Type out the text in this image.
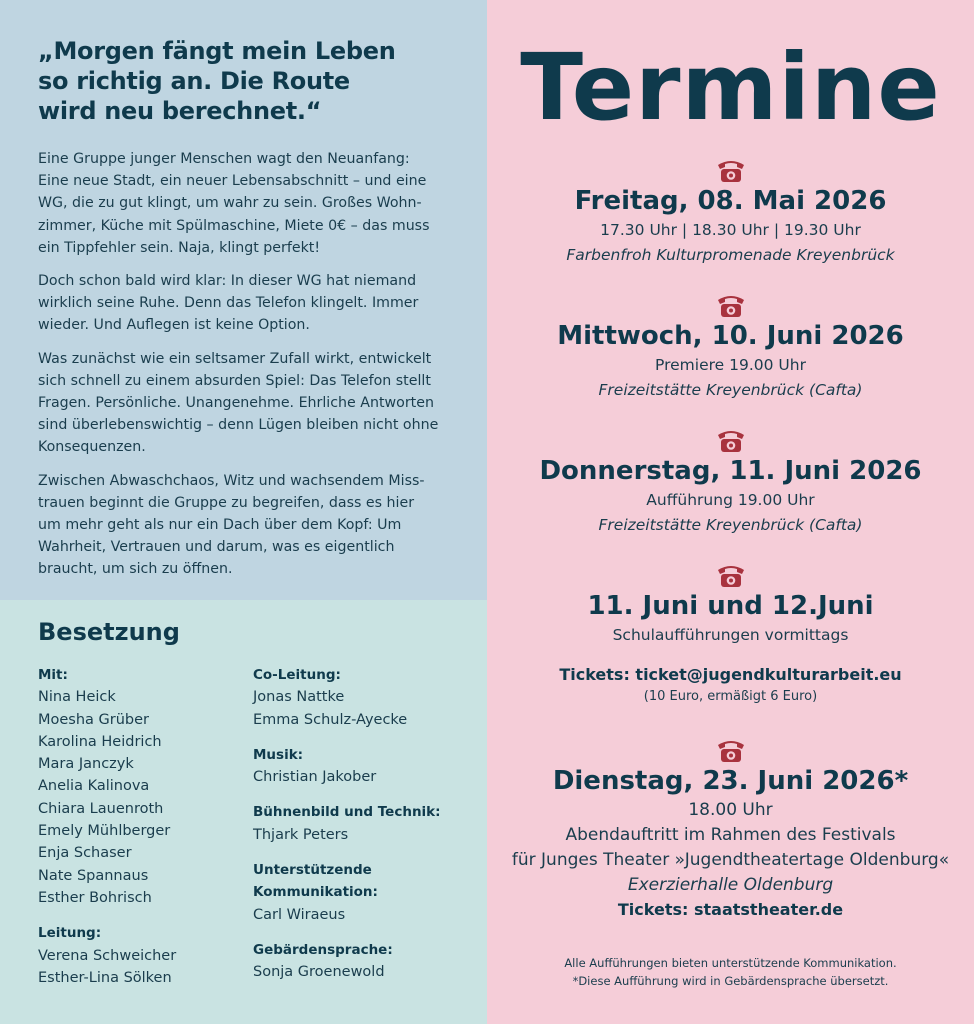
„Morgen fängt mein Leben
so richtig an. Die Route
wird neu berechnet.“

Eine Gruppe junger Menschen wagt den Neuanfang:
Eine neue Stadt, ein neuer Lebensabschnitt – und eine
WG, die zu gut klingt, um wahr zu sein. Großes Wohn-
zimmer, Küche mit Spülmaschine, Miete 0€ – das muss
ein Tippfehler sein. Naja, klingt perfekt!

Doch schon bald wird klar: In dieser WG hat niemand
wirklich seine Ruhe. Denn das Telefon klingelt. Immer
wieder. Und Auflegen ist keine Option.

Was zunächst wie ein seltsamer Zufall wirkt, entwickelt
sich schnell zu einem absurden Spiel: Das Telefon stellt
Fragen. Persönliche. Unangenehme. Ehrliche Antworten
sind überlebenswichtig – denn Lügen bleiben nicht ohne
Konsequenzen.

Zwischen Abwaschchaos, Witz und wachsendem Miss-
trauen beginnt die Gruppe zu begreifen, dass es hier
um mehr geht als nur ein Dach über dem Kopf: Um
Wahrheit, Vertrauen und darum, was es eigentlich
braucht, um sich zu öffnen.

Besetzung
Mit:
Nina Heick
Moesha Grüber
Karolina Heidrich
Mara Janczyk
Anelia Kalinova
Chiara Lauenroth
Emely Mühlberger
Enja Schaser
Nate Spannaus
Esther Bohrisch
Leitung:
Verena Schweicher
Esther-Lina Sölken
Co-Leitung:
Jonas Nattke
Emma Schulz-Ayecke
Musik:
Christian Jakober
Bühnenbild und Technik:
Thjark Peters
Unterstützende
Kommunikation:
Carl Wiraeus
Gebärdensprache:
Sonja Groenewold
Termine
Freitag, 08. Mai 2026
17.30 Uhr | 18.30 Uhr | 19.30 Uhr
Farbenfroh Kulturpromenade Kreyenbrück
Mittwoch, 10. Juni 2026
Premiere 19.00 Uhr
Freizeitstätte Kreyenbrück (Cafta)
Donnerstag, 11. Juni 2026
Aufführung 19.00 Uhr
Freizeitstätte Kreyenbrück (Cafta)
11. Juni und 12.Juni
Schulaufführungen vormittags
Tickets: ticket@jugendkulturarbeit.eu
(10 Euro, ermäßigt 6 Euro)
Dienstag, 23. Juni 2026*
18.00 Uhr
Abendauftritt im Rahmen des Festivals
für Junges Theater »Jugendtheatertage Oldenburg«
Exerzierhalle Oldenburg
Tickets: staatstheater.de
Alle Aufführungen bieten unterstützende Kommunikation.
*Diese Aufführung wird in Gebärdensprache übersetzt.
